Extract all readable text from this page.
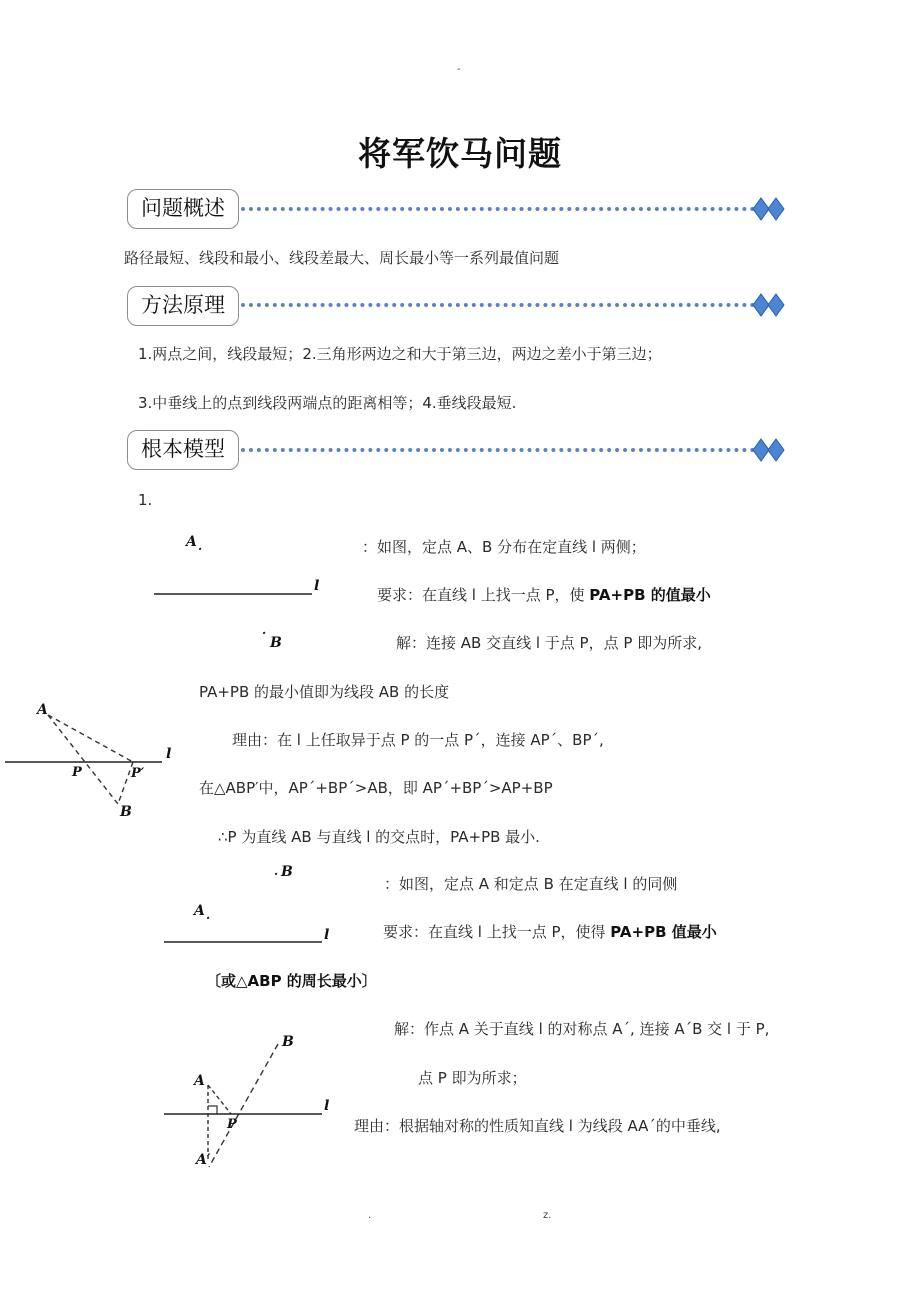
-
将军饮马问题
问题概述
路径最短、线段和最小、线段差最大、周长最小等一系列最值问题
方法原理
1.两点之间，线段最短；2.三角形两边之和大于第三边，两边之差小于第三边；
3.中垂线上的点到线段两端点的距离相等；4.垂线段最短.
根本模型
1.
A .
l
.
B
：如图，定点 A、B 分布在定直线 l 两侧；
要求：在直线 l 上找一点 P，使 PA+PB 的值最小
解：连接 AB 交直线 l 于点 P，点 P 即为所求,
PA+PB 的最小值即为线段 AB 的长度
A
l
P	P′
B
理由：在 l 上任取异于点 P 的一点 P´，连接 AP´、BP´,
在△ABP′中，AP´+BP´>AB，即 AP´+BP´>AP+BP
∴P 为直线 AB 与直线 l 的交点时，PA+PB 最小.
. B
A .
l
：如图，定点 A 和定点 B 在定直线 l 的同侧
要求：在直线 l 上找一点 P，使得 PA+PB 值最小
〔或△ABP 的周长最小〕
B
A
l
P
A′
解：作点 A 关于直线 l 的对称点 A´, 连接 A´B 交 l 于 P,
点 P 即为所求；
理由：根据轴对称的性质知直线 l 为线段 AA´的中垂线,
.	z.
